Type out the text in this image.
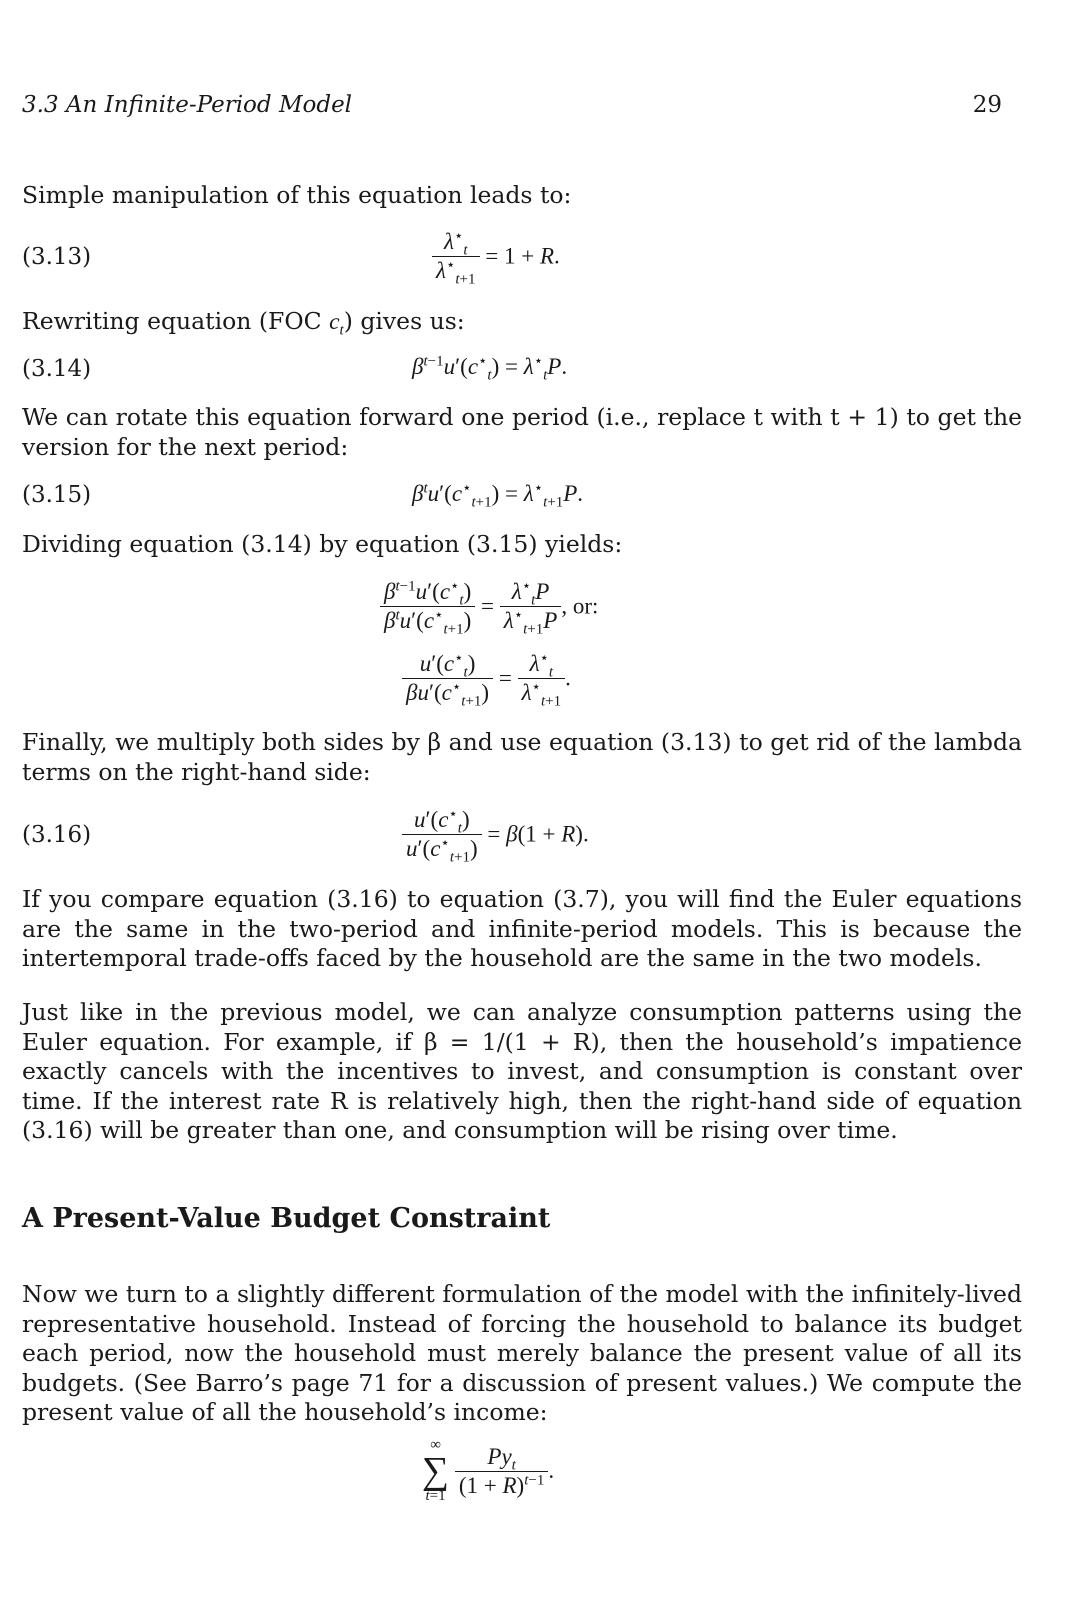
3.3 An Infinite-Period Model	29
Simple manipulation of this equation leads to:
(3.13)	$\frac{\lambda^⋆_t}{\lambda^⋆_{t+1}} = 1 + R$.
Rewriting equation (FOC $c_t$) gives us:
(3.14)	$\beta^{t-1}u'(c^⋆_t) = \lambda^⋆_tP$.
We can rotate this equation forward one period (i.e., replace t with t + 1) to get the version for the next period:
(3.15)	$\beta^tu'(c^⋆_{t+1}) = \lambda^⋆_{t+1}P$.
Dividing equation (3.14) by equation (3.15) yields:
$\frac{\beta^{t-1}u'(c^⋆_t)}{\beta^tu'(c^⋆_{t+1})} = \frac{\lambda^⋆_tP}{\lambda^⋆_{t+1}P}$ , or:
$\frac{u'(c^⋆_t)}{\beta u'(c^⋆_{t+1})} = \frac{\lambda^⋆_t}{\lambda^⋆_{t+1}}$ .
Finally, we multiply both sides by β and use equation (3.13) to get rid of the lambda terms on the right-hand side:
(3.16)	$\frac{u'(c^⋆_t)}{u'(c^⋆_{t+1})} = \beta(1 + R)$.
If you compare equation (3.16) to equation (3.7), you will find the Euler equations are the same in the two-period and infinite-period models. This is because the intertemporal trade-offs faced by the household are the same in the two models.
Just like in the previous model, we can analyze consumption patterns using the Euler equation. For example, if β = 1/(1 + R), then the household’s impatience exactly cancels with the incentives to invest, and consumption is constant over time. If the interest rate R is relatively high, then the right-hand side of equation (3.16) will be greater than one, and consumption will be rising over time.
A Present-Value Budget Constraint
Now we turn to a slightly different formulation of the model with the infinitely-lived representative household. Instead of forcing the household to balance its budget each period, now the household must merely balance the present value of all its budgets. (See Barro’s page 71 for a discussion of present values.) We compute the present value of all the household’s income:
∞
∑
t=1
$\frac{Py_t}{(1 + R)^{t-1}}$ .
